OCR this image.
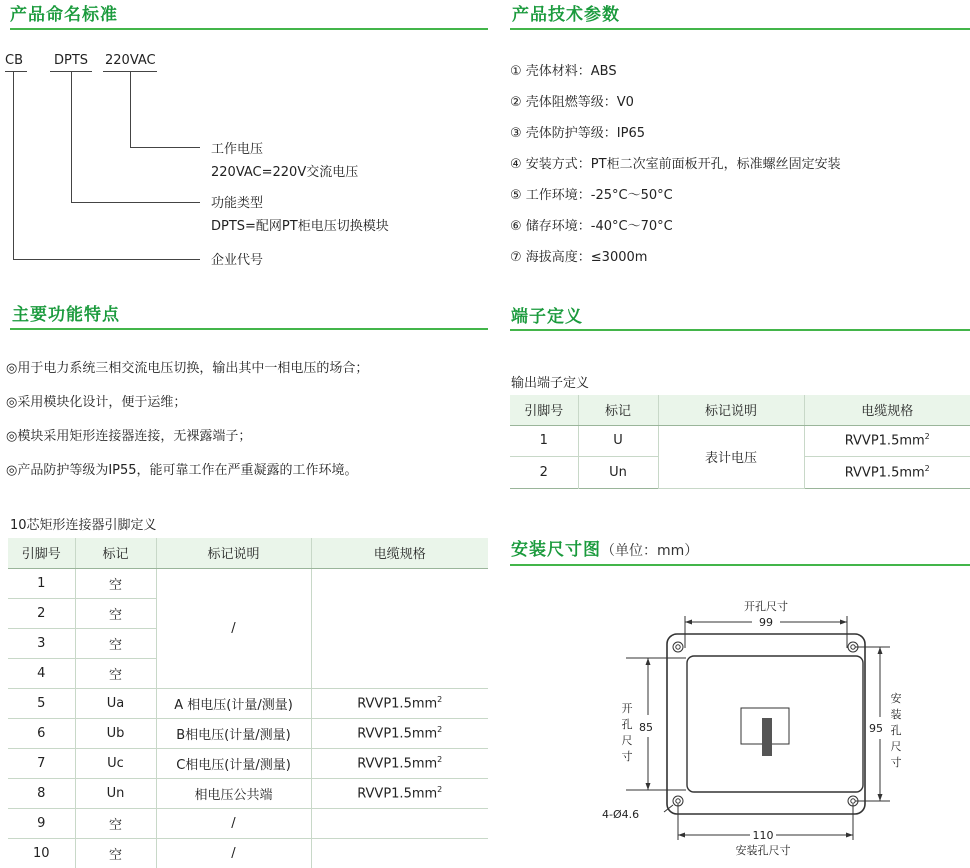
产品命名标准
CB DPTS 220VAC
工作电压
220VAC=220V交流电压
功能类型
DPTS=配网PT柜电压切换模块
企业代号
产品技术参数
① 壳体材料：ABS
② 壳体阻燃等级：V0
③ 壳体防护等级：IP65
④ 安装方式：PT柜二次室前面板开孔，标准螺丝固定安装
⑤ 工作环境：-25°C～50°C
⑥ 储存环境：-40°C～70°C
⑦ 海拔高度：≤3000m
主要功能特点
◎用于电力系统三相交流电压切换，输出其中一相电压的场合；
◎采用模块化设计，便于运维；
◎模块采用矩形连接器连接，无裸露端子；
◎产品防护等级为IP55，能可靠工作在严重凝露的工作环境。
10芯矩形连接器引脚定义
引脚号	标记	标记说明	电缆规格
1	空	/	
2	空		
3	空		
4	空		
5	Ua	A 相电压(计量/测量)	$RVVP1.5mm^2$
6	Ub	B相电压(计量/测量)	$RVVP1.5mm^2$
7	Uc	C相电压(计量/测量)	$RVVP1.5mm^2$
8	Un	相电压公共端	$RVVP1.5mm^2$
9	空	/	
10	空	/	
端子定义
输出端子定义
引脚号	标记	标记说明	电缆规格
1	U	表计电压	$RVVP1.5mm^2$
2	Un		$RVVP1.5mm^2$
安装尺寸图（单位：mm）
开孔尺寸
99
开
孔
尺
寸
85
安
装
孔
尺
寸
95
110
安装孔尺寸
4-Ø4.6
